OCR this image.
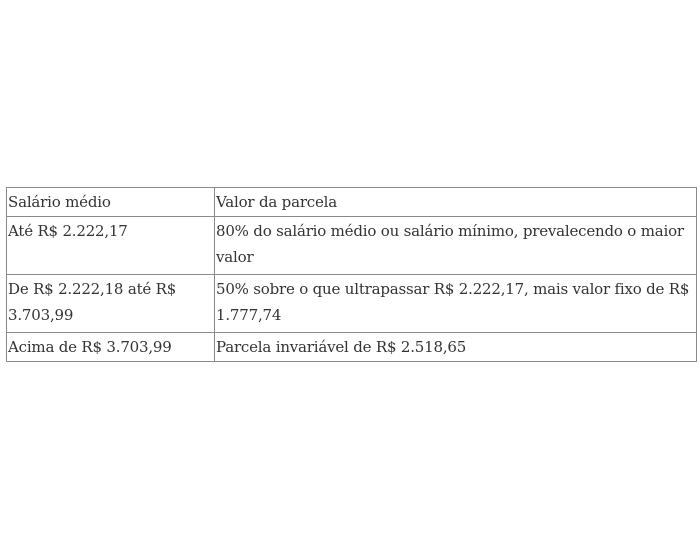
Salário médio	Valor da parcela
Até R$ 2.222,17	80% do salário médio ou salário mínimo, prevalecendo o maior valor
De R$ 2.222,18 até R$ 3.703,99	50% sobre o que ultrapassar R$ 2.222,17, mais valor fixo de R$ 1.777,74
Acima de R$ 3.703,99	Parcela invariável de R$ 2.518,65
